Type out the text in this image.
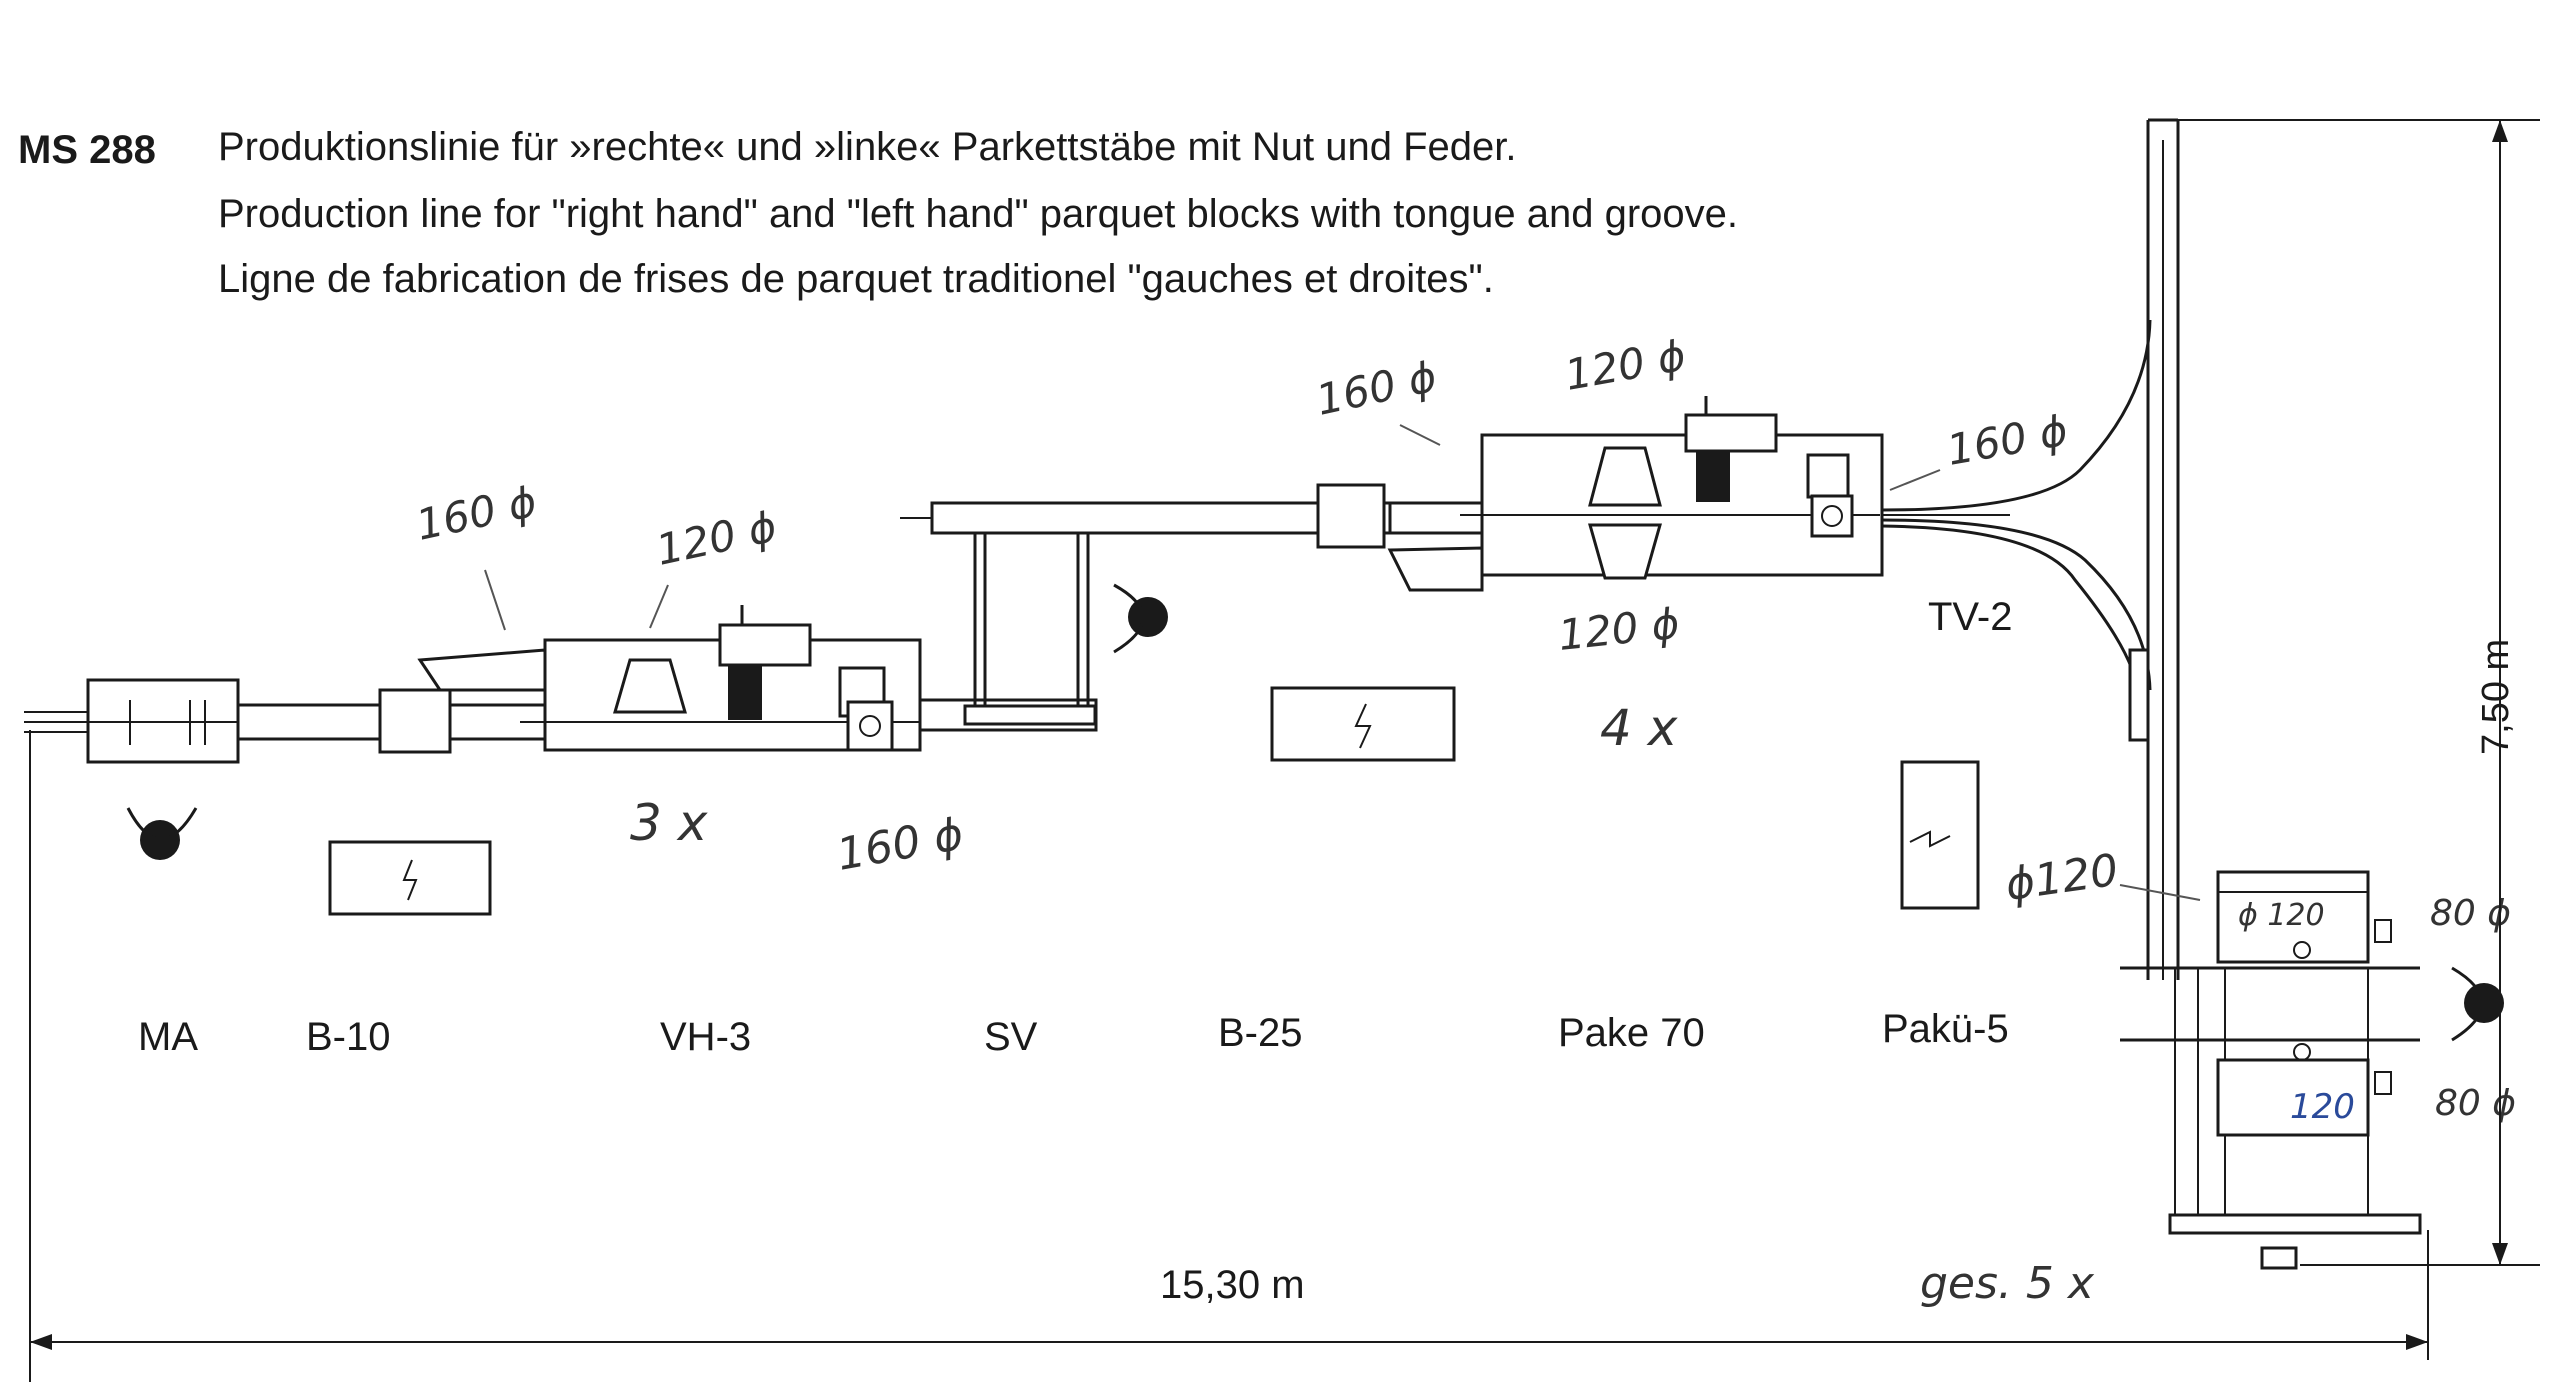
MS 288 Produktionslinie für »rechte« und »linke« Parkettstäbe mit Nut und Feder.
Production line for "right hand" and "left hand" parquet blocks with tongue and groove.
Ligne de fabrication de frises de parquet traditionel "gauches et droites".
MA	B-10	VH-3	SV	B-25	Pake 70	Pakü-5
TV-2
160 ϕ	120 ϕ
160 ϕ
3 x
160 ϕ	120 ϕ
160 ϕ
120 ϕ
4 x
ϕ120
ϕ 120	80 ϕ
80 ϕ
120
ges. 5 x
15,30 m
7,50 m
